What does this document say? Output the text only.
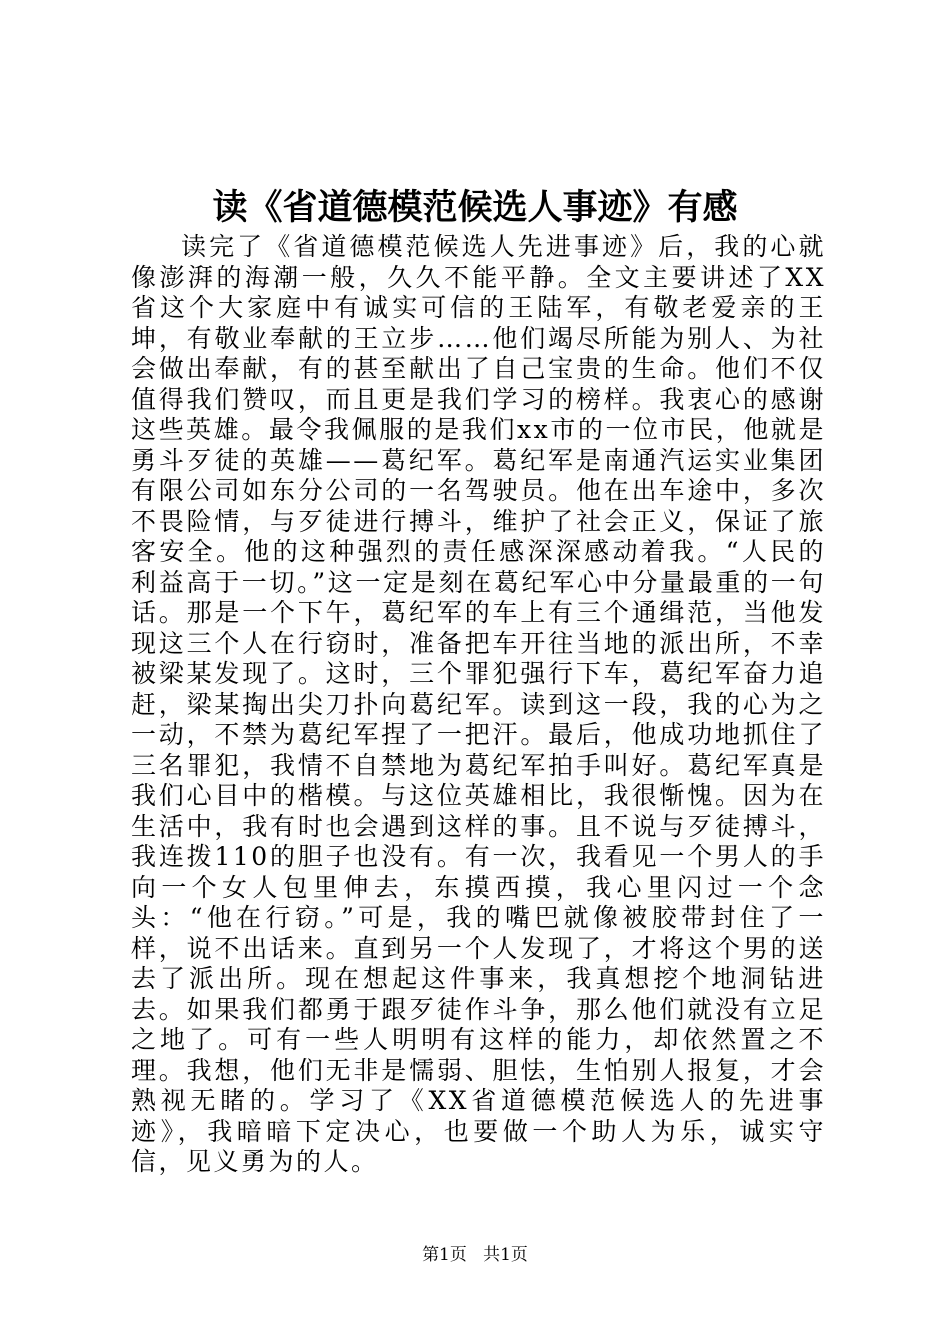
读《省道德模范候选人事迹》有感

读完了《省道德模范候选人先进事迹》后，我的心就像澎湃的海潮一般，久久不能平静。全文主要讲述了XX省这个大家庭中有诚实可信的王陆军，有敬老爱亲的王坤，有敬业奉献的王立步……他们竭尽所能为别人、为社会做出奉献，有的甚至献出了自己宝贵的生命。他们不仅值得我们赞叹，而且更是我们学习的榜样。我衷心的感谢这些英雄。最令我佩服的是我们xx市的一位市民，他就是勇斗歹徒的英雄——葛纪军。葛纪军是南通汽运实业集团有限公司如东分公司的一名驾驶员。他在出车途中，多次不畏险情，与歹徒进行搏斗，维护了社会正义，保证了旅客安全。他的这种强烈的责任感深深感动着我。“人民的利益高于一切。”这一定是刻在葛纪军心中分量最重的一句话。那是一个下午，葛纪军的车上有三个通缉范，当他发现这三个人在行窃时，准备把车开往当地的派出所，不幸被梁某发现了。这时，三个罪犯强行下车，葛纪军奋力追赶，梁某掏出尖刀扑向葛纪军。读到这一段，我的心为之一动，不禁为葛纪军捏了一把汗。最后，他成功地抓住了三名罪犯，我情不自禁地为葛纪军拍手叫好。葛纪军真是我们心目中的楷模。与这位英雄相比，我很惭愧。因为在生活中，我有时也会遇到这样的事。且不说与歹徒搏斗，我连拨110的胆子也没有。有一次，我看见一个男人的手向一个女人包里伸去，东摸西摸，我心里闪过一个念头：“他在行窃。”可是，我的嘴巴就像被胶带封住了一样，说不出话来。直到另一个人发现了，才将这个男的送去了派出所。现在想起这件事来，我真想挖个地洞钻进去。如果我们都勇于跟歹徒作斗争，那么他们就没有立足之地了。可有一些人明明有这样的能力，却依然置之不理。我想，他们无非是懦弱、胆怯，生怕别人报复，才会熟视无睹的。学习了《XX省道德模范候选人的先进事迹》，我暗暗下定决心，也要做一个助人为乐，诚实守信，见义勇为的人。

第1页 共1页
